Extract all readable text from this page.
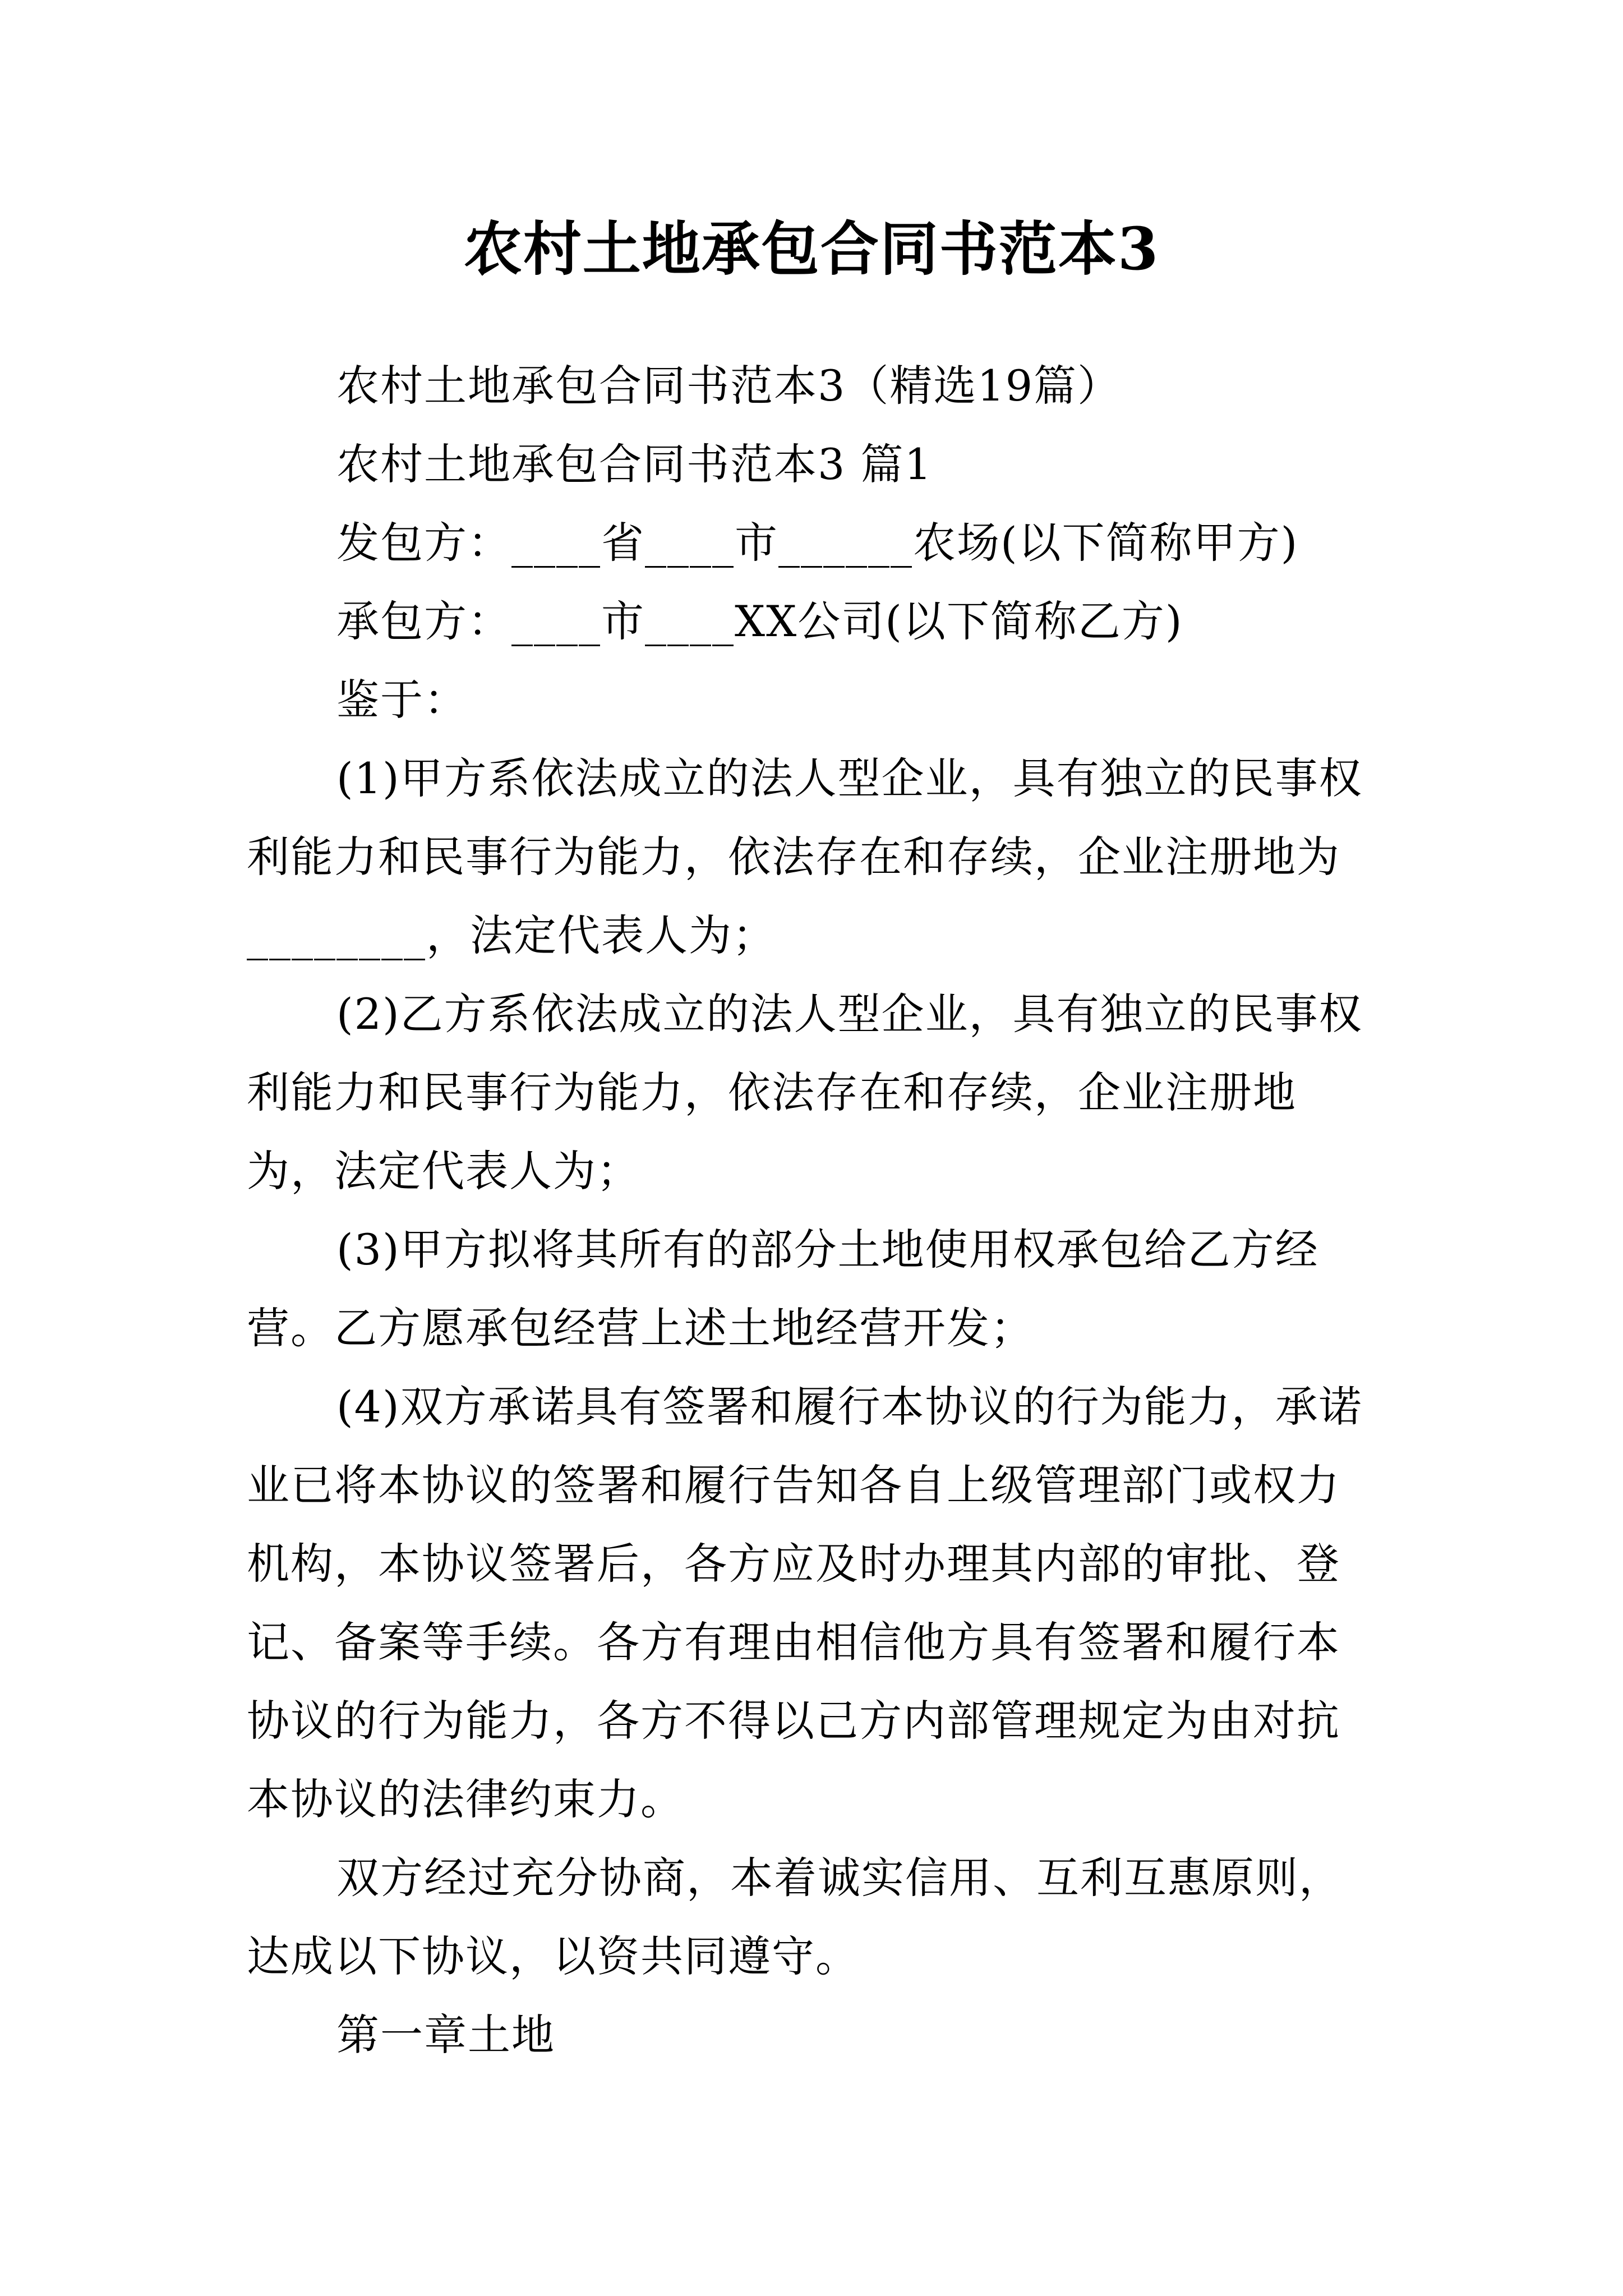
农村土地承包合同书范本3

农村土地承包合同书范本3（精选19篇）

农村土地承包合同书范本3 篇1

发包方：____省____市______农场(以下简称甲方)

承包方：____市____XX公司(以下简称乙方)

鉴于：

(1)甲方系依法成立的法人型企业，具有独立的民事权利能力和民事行为能力，依法存在和存续，企业注册地为________，法定代表人为；

(2)乙方系依法成立的法人型企业，具有独立的民事权利能力和民事行为能力，依法存在和存续，企业注册地为，法定代表人为；

(3)甲方拟将其所有的部分土地使用权承包给乙方经营。乙方愿承包经营上述土地经营开发；

(4)双方承诺具有签署和履行本协议的行为能力，承诺业已将本协议的签署和履行告知各自上级管理部门或权力机构，本协议签署后，各方应及时办理其内部的审批、登记、备案等手续。各方有理由相信他方具有签署和履行本协议的行为能力，各方不得以己方内部管理规定为由对抗本协议的法律约束力。

双方经过充分协商，本着诚实信用、互利互惠原则，达成以下协议，以资共同遵守。

第一章土地
